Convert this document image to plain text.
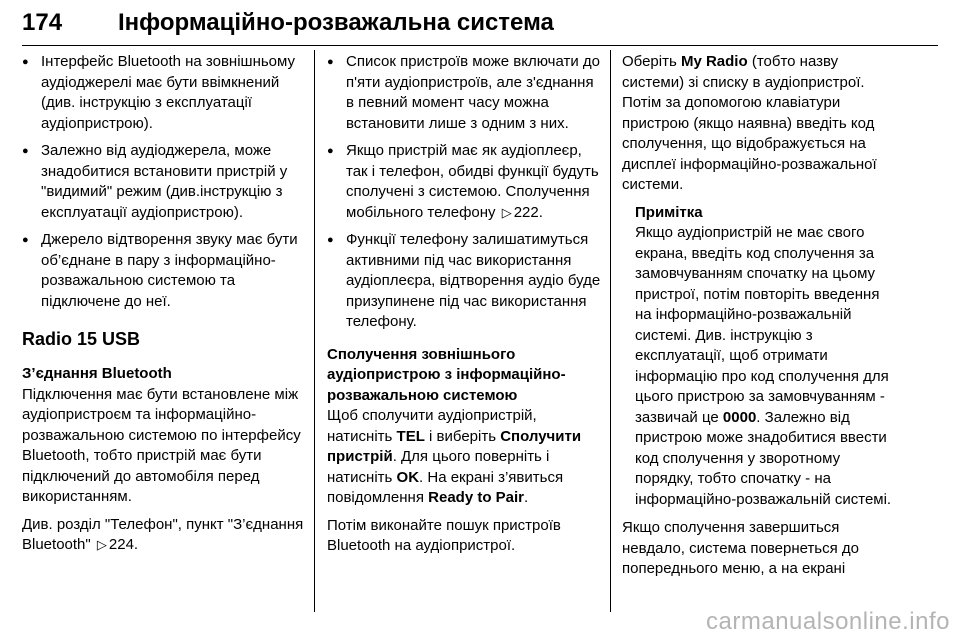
174 Інформаційно-розважальна система
● Інтерфейс Bluetooth на зовнішньому аудіоджерелі має бути ввімкнений (див. інструкцію з експлуатації аудіопристрою).
● Залежно від аудіоджерела, може знадобитися встановити пристрій у "видимий" режим (див.інструкцію з експлуатації аудіопристрою).
● Джерело відтворення звуку має бути об’єднане в пару з інформаційно-розважальною системою та підключене до неї.
Radio 15 USB
З’єднання Bluetooth

Підключення має бути встановлене між аудіопристроєм та інформаційно-розважальною системою по інтерфейсу Bluetooth, тобто пристрій має бути підключений до автомобіля перед використанням.

Див. розділ "Телефон", пункт "З’єднання Bluetooth" ▷ 224.

● Список пристроїв може включати до п'яти аудіопристроїв, але з'єднання в певний момент часу можна встановити лише з одним з них.
● Якщо пристрій має як аудіоплеєр, так і телефон, обидві функції будуть сполучені з системою. Сполучення мобільного телефону ▷ 222.
● Функції телефону залишатимуться активними під час використання аудіоплеєра, відтворення аудіо буде призупинене під час використання телефону.
Сполучення зовнішнього аудіопристрою з інформаційно-розважальною системою

Щоб сполучити аудіопристрій, натисніть TEL і виберіть Сполучити пристрій. Для цього поверніть і натисніть OK. На екрані з’явиться повідомлення Ready to Pair.

Потім виконайте пошук пристроїв Bluetooth на аудіопристрої.

Оберіть My Radio (тобто назву системи) зі списку в аудіопристрої. Потім за допомогою клавіатури пристрою (якщо наявна) введіть код сполучення, що відображується на дисплеї інформаційно-розважальної системи.

Примітка
Якщо аудіопристрій не має свого екрана, введіть код сполучення за замовчуванням спочатку на цьому пристрої, потім повторіть введення на інформаційно-розважальній системі. Див. інструкцію з експлуатації, щоб отримати інформацію про код сполучення для цього пристрою за замовчуванням - зазвичай це 0000. Залежно від пристрою може знадобитися ввести код сполучення у зворотному порядку, тобто спочатку - на інформаційно-розважальній системі.

Якщо сполучення завершиться невдало, система повернеться до попереднього меню, а на екрані

carmanualsonline.info
